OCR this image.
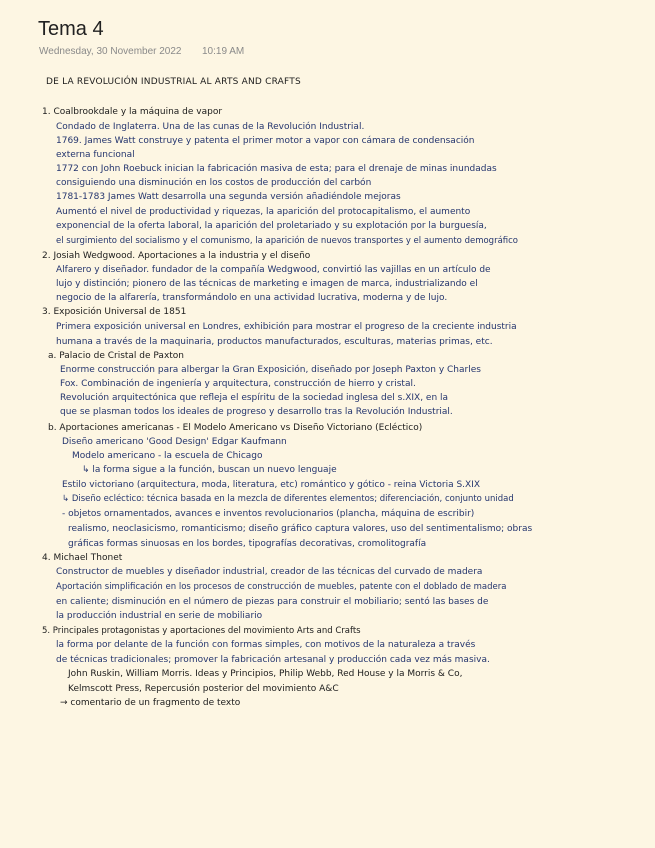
Tema 4
Wednesday, 30 November 2022 10:19 AM
DE LA REVOLUCIÓN INDUSTRIAL AL ARTS AND CRAFTS
1. Coalbrookdale y la máquina de vapor
Condado de Inglaterra. Una de las cunas de la Revolución Industrial.
1769. James Watt construye y patenta el primer motor a vapor con cámara de condensación
externa funcional
1772 con John Roebuck inician la fabricación masiva de esta; para el drenaje de minas inundadas
consiguiendo una disminución en los costos de producción del carbón
1781-1783 James Watt desarrolla una segunda versión añadiéndole mejoras
Aumentó el nivel de productividad y riquezas, la aparición del protocapitalismo, el aumento
exponencial de la oferta laboral, la aparición del proletariado y su explotación por la burguesía,
el surgimiento del socialismo y el comunismo, la aparición de nuevos transportes y el aumento demográfico
2. Josiah Wedgwood. Aportaciones a la industria y el diseño
Alfarero y diseñador. fundador de la compañía Wedgwood, convirtió las vajillas en un artículo de
lujo y distinción; pionero de las técnicas de marketing e imagen de marca, industrializando el
negocio de la alfarería, transformándolo en una actividad lucrativa, moderna y de lujo.
3. Exposición Universal de 1851
Primera exposición universal en Londres, exhibición para mostrar el progreso de la creciente industria
humana a través de la maquinaria, productos manufacturados, esculturas, materias primas, etc.
a. Palacio de Cristal de Paxton
Enorme construcción para albergar la Gran Exposición, diseñado por Joseph Paxton y Charles
Fox. Combinación de ingeniería y arquitectura, construcción de hierro y cristal.
Revolución arquitectónica que refleja el espíritu de la sociedad inglesa del s.XIX, en la
que se plasman todos los ideales de progreso y desarrollo tras la Revolución Industrial.
b. Aportaciones americanas - El Modelo Americano vs Diseño Victoriano (Ecléctico)
Diseño americano 'Good Design' Edgar Kaufmann
Modelo americano - la escuela de Chicago
↳ la forma sigue a la función, buscan un nuevo lenguaje
Estilo victoriano (arquitectura, moda, literatura, etc) romántico y gótico - reina Victoria S.XIX
↳ Diseño ecléctico: técnica basada en la mezcla de diferentes elementos; diferenciación, conjunto unidad
- objetos ornamentados, avances e inventos revolucionarios (plancha, máquina de escribir)
realismo, neoclasicismo, romanticismo; diseño gráfico captura valores, uso del sentimentalismo; obras
gráficas formas sinuosas en los bordes, tipografías decorativas, cromolitografía
4. Michael Thonet
Constructor de muebles y diseñador industrial, creador de las técnicas del curvado de madera
Aportación simplificación en los procesos de construcción de muebles, patente con el doblado de madera
en caliente; disminución en el número de piezas para construir el mobiliario; sentó las bases de
la producción industrial en serie de mobiliario
5. Principales protagonistas y aportaciones del movimiento Arts and Crafts
la forma por delante de la función con formas simples, con motivos de la naturaleza a través
de técnicas tradicionales; promover la fabricación artesanal y producción cada vez más masiva.
John Ruskin, William Morris. Ideas y Principios, Philip Webb, Red House y la Morris & Co,
Kelmscott Press, Repercusión posterior del movimiento A&C
→ comentario de un fragmento de texto
